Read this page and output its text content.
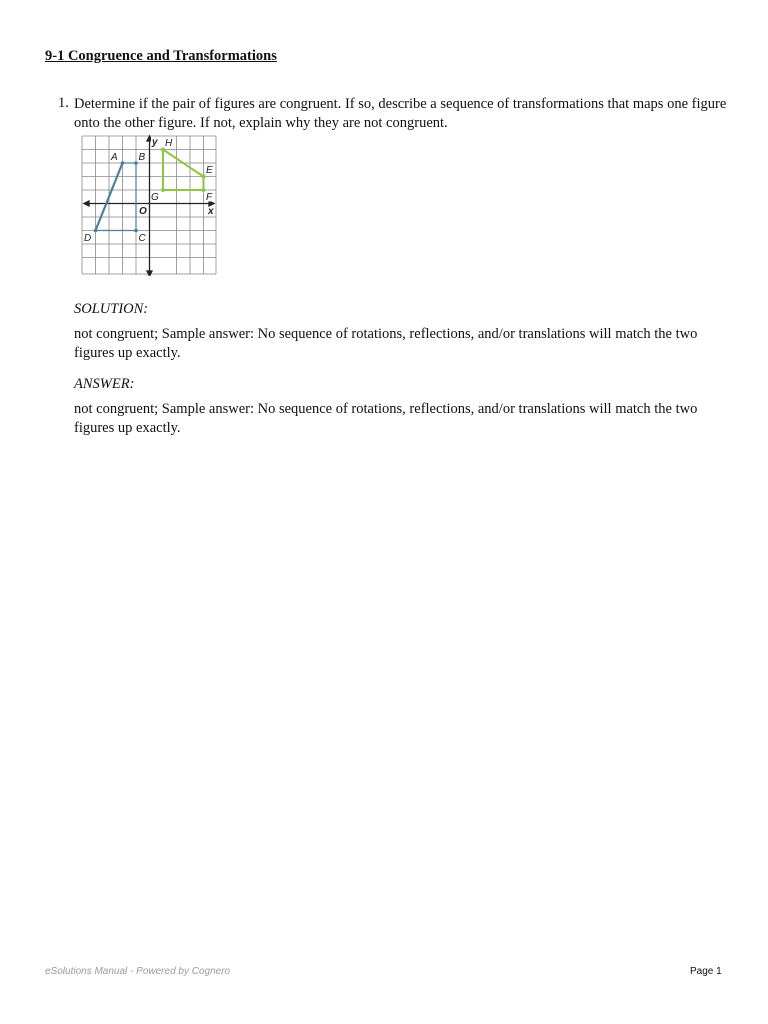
9-1 Congruence and Transformations
1. Determine if the pair of figures are congruent. If so, describe a sequence of transformations that maps one figure onto the other figure. If not, explain why they are not congruent.
A B
C
D
E
F
G
H
y
x
O
SOLUTION:
not congruent; Sample answer: No sequence of rotations, reflections, and/or translations will match the two figures up exactly.
ANSWER:
not congruent; Sample answer: No sequence of rotations, reflections, and/or translations will match the two figures up exactly.
eSolutions Manual - Powered by Cognero	Page 1
